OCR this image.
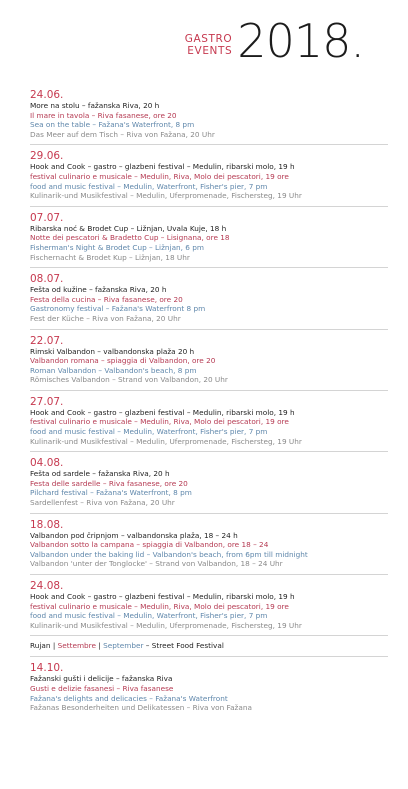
GASTRO
EVENTS 2018.
24.06.
More na stolu – fažanska Riva, 20 h
Il mare in tavola – Riva fasanese, ore 20
Sea on the table – Fažana's Waterfront, 8 pm
Das Meer auf dem Tisch – Riva von Fažana, 20 Uhr
29.06.
Hook and Cook – gastro – glazbeni festival – Medulin, ribarski molo, 19 h
festival culinario e musicale – Medulin, Riva, Molo dei pescatori, 19 ore
food and music festival – Medulin, Waterfront, Fisher's pier, 7 pm
Kulinarik-und Musikfestival – Medulin, Uferpromenade, Fischersteg, 19 Uhr
07.07.
Ribarska noć & Brodet Cup – Ližnjan, Uvala Kuje, 18 h
Notte dei pescatori & Bradetto Cup – Lisignana, ore 18
Fisherman's Night & Brodet Cup – Ližnjan, 6 pm
Fischernacht & Brodet Kup – Ližnjan, 18 Uhr
08.07.
Fešta od kužine – fažanska Riva, 20 h
Festa della cucina – Riva fasanese, ore 20
Gastronomy festival – Fažana's Waterfront 8 pm
Fest der Küche – Riva von Fažana, 20 Uhr
22.07.
Rimski Valbandon – valbandonska plaža 20 h
Valbandon romana – spiaggia di Valbandon, ore 20
Roman Valbandon – Valbandon's beach, 8 pm
Römisches Valbandon – Strand von Valbandon, 20 Uhr
27.07.
Hook and Cook – gastro – glazbeni festival – Medulin, ribarski molo, 19 h
festival culinario e musicale – Medulin, Riva, Molo dei pescatori, 19 ore
food and music festival – Medulin, Waterfront, Fisher's pier, 7 pm
Kulinarik-und Musikfestival – Medulin, Uferpromenade, Fischersteg, 19 Uhr
04.08.
Fešta od sardele – fažanska Riva, 20 h
Festa delle sardelle – Riva fasanese, ore 20
Pilchard festival – Fažana's Waterfront, 8 pm
Sardellenfest – Riva von Fažana, 20 Uhr
18.08.
Valbandon pod čripnjom – valbandonska plaža, 18 – 24 h
Valbandon sotto la campana – spiaggia di Valbandon, ore 18 – 24
Valbandon under the baking lid – Valbandon's beach, from 6pm till midnight
Valbandon 'unter der Tonglocke' – Strand von Valbandon, 18 – 24 Uhr
24.08.
Hook and Cook – gastro – glazbeni festival – Medulin, ribarski molo, 19 h
festival culinario e musicale – Medulin, Riva, Molo dei pescatori, 19 ore
food and music festival – Medulin, Waterfront, Fisher's pier, 7 pm
Kulinarik-und Musikfestival – Medulin, Uferpromenade, Fischersteg, 19 Uhr
Rujan | Settembre | September – Street Food Festival
14.10.
Fažanski gušti i delicije – fažanska Riva
Gusti e delizie fasanesi – Riva fasanese
Fažana's delights and delicacies – Fažana's Waterfront
Fažanas Besonderheiten und Delikatessen – Riva von Fažana
